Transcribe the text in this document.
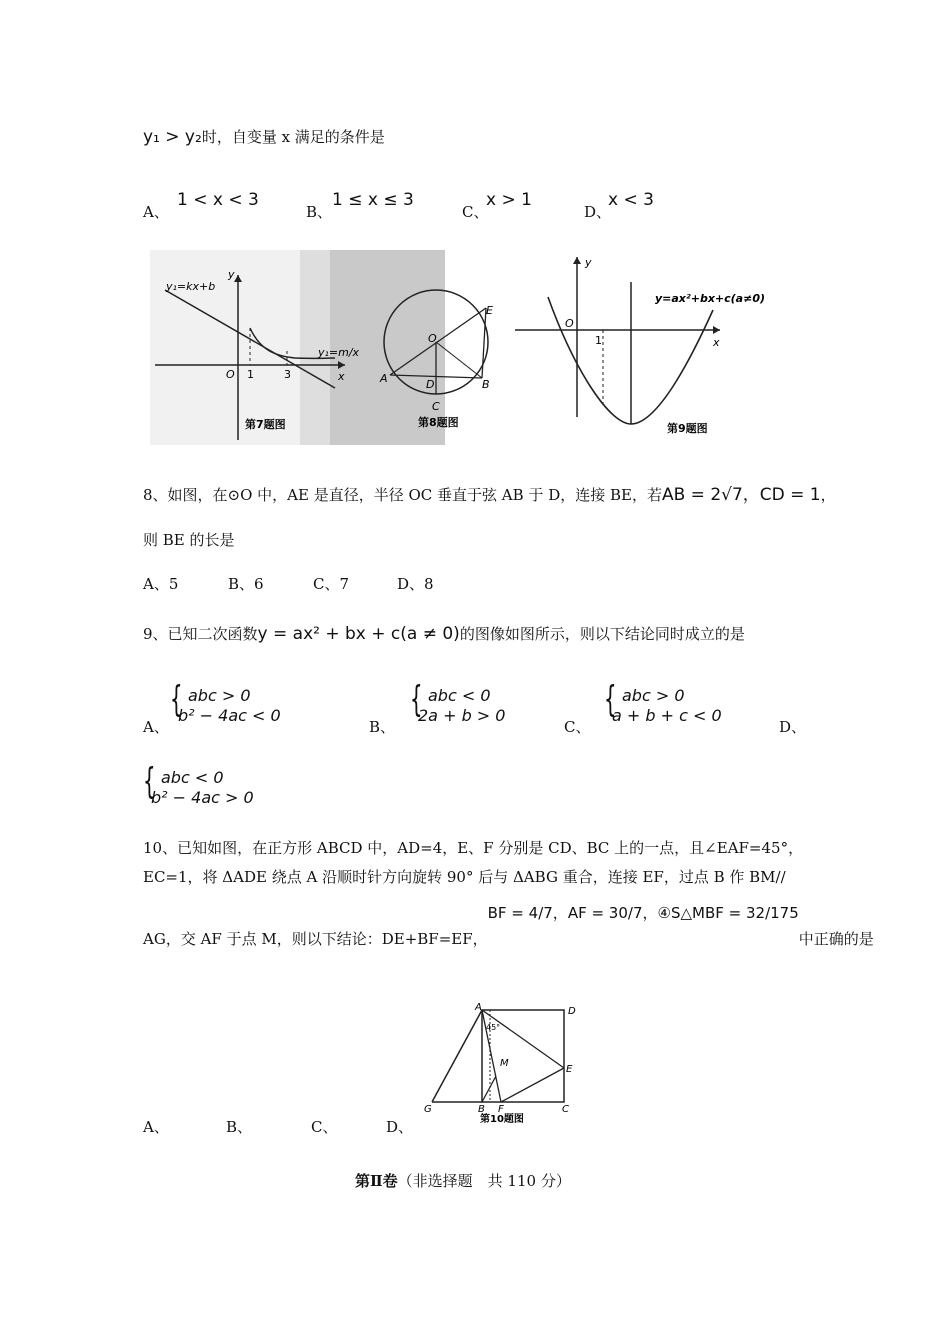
y₁ > y₂时，自变量 x 满足的条件是
A、
1 < x < 3
B、
1 ≤ x ≤ 3
C、
x > 1
D、
x < 3
y₁=kx+b
y₁=m/x
x
y
O 1	3
第7题图
E
O
A	D	B
C
第8题图
y=ax²+bx+c(a≠0)
x
y
O
1
第9题图
8、如图，在⊙O 中，AE 是直径，半径 OC 垂直于弦 AB 于 D，连接 BE，若AB = 2√7，CD = 1，
则 BE 的长是
A、5	B、6	C、7	D、8
9、已知二次函数y = ax² + bx + c(a ≠ 0)的图像如图所示，则以下结论同时成立的是
A、
{ abc > 0
b² − 4ac < 0
B、
{ abc < 0
2a + b > 0
C、
{ abc > 0
a + b + c < 0
D、
{ abc < 0
b² − 4ac > 0
10、已知如图，在正方形 ABCD 中，AD=4，E、F 分别是 CD、BC 上的一点，且∠EAF=45°，
EC=1，将 ΔADE 绕点 A 沿顺时针方向旋转 90° 后与 ΔABG 重合，连接 EF，过点 B 作 BM//
AG，交 AF 于点 M，则以下结论：DE+BF=EF，BF = 4/7，AF = 30/7，④S△MBF = 32/175中正确的是
A	D
M
E
G	B F	C
45°
第10题图
A、	B、	C、	D、
第Ⅱ卷（非选择题　共 110 分）
